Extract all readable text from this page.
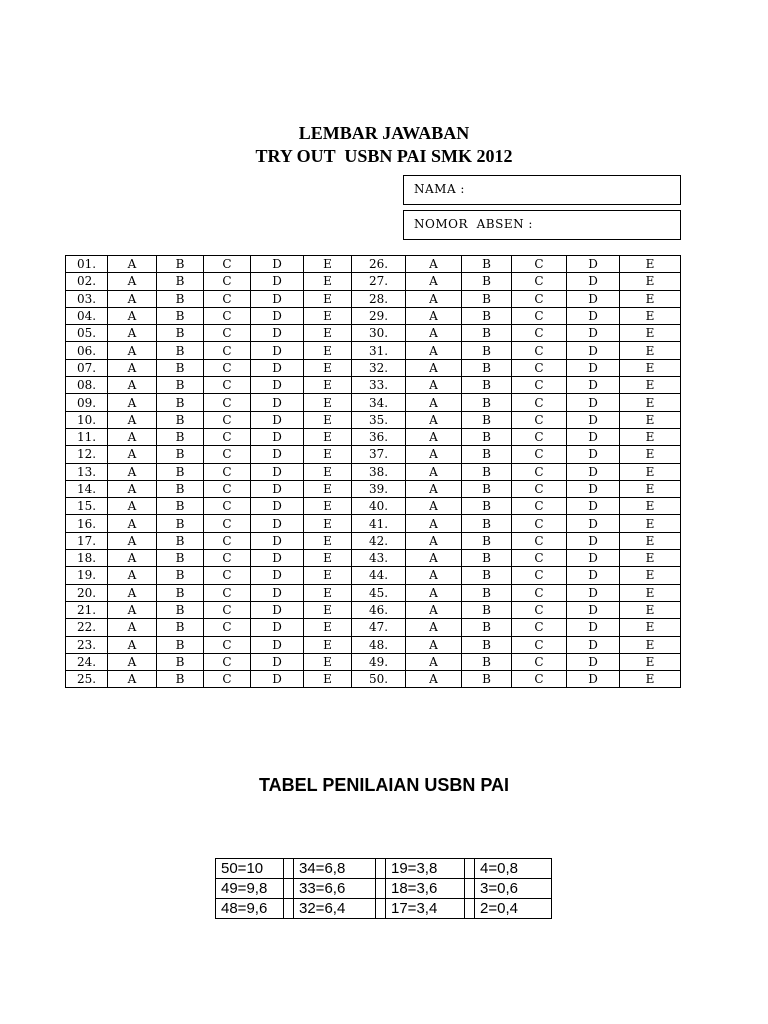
LEMBAR JAWABAN
TRY OUT  USBN PAI SMK 2012
NAMA :
NOMOR  ABSEN :
01.	A	B	C	D	E	26.	A	B	C	D	E
02.	A	B	C	D	E	27.	A	B	C	D	E
03.	A	B	C	D	E	28.	A	B	C	D	E
04.	A	B	C	D	E	29.	A	B	C	D	E
05.	A	B	C	D	E	30.	A	B	C	D	E
06.	A	B	C	D	E	31.	A	B	C	D	E
07.	A	B	C	D	E	32.	A	B	C	D	E
08.	A	B	C	D	E	33.	A	B	C	D	E
09.	A	B	C	D	E	34.	A	B	C	D	E
10.	A	B	C	D	E	35.	A	B	C	D	E
11.	A	B	C	D	E	36.	A	B	C	D	E
12.	A	B	C	D	E	37.	A	B	C	D	E
13.	A	B	C	D	E	38.	A	B	C	D	E
14.	A	B	C	D	E	39.	A	B	C	D	E
15.	A	B	C	D	E	40.	A	B	C	D	E
16.	A	B	C	D	E	41.	A	B	C	D	E
17.	A	B	C	D	E	42.	A	B	C	D	E
18.	A	B	C	D	E	43.	A	B	C	D	E
19.	A	B	C	D	E	44.	A	B	C	D	E
20.	A	B	C	D	E	45.	A	B	C	D	E
21.	A	B	C	D	E	46.	A	B	C	D	E
22.	A	B	C	D	E	47.	A	B	C	D	E
23.	A	B	C	D	E	48.	A	B	C	D	E
24.	A	B	C	D	E	49.	A	B	C	D	E
25.	A	B	C	D	E	50.	A	B	C	D	E
TABEL PENILAIAN USBN PAI
50=10		34=6,8		19=3,8		4=0,8
49=9,8		33=6,6		18=3,6		3=0,6
48=9,6		32=6,4		17=3,4		2=0,4
